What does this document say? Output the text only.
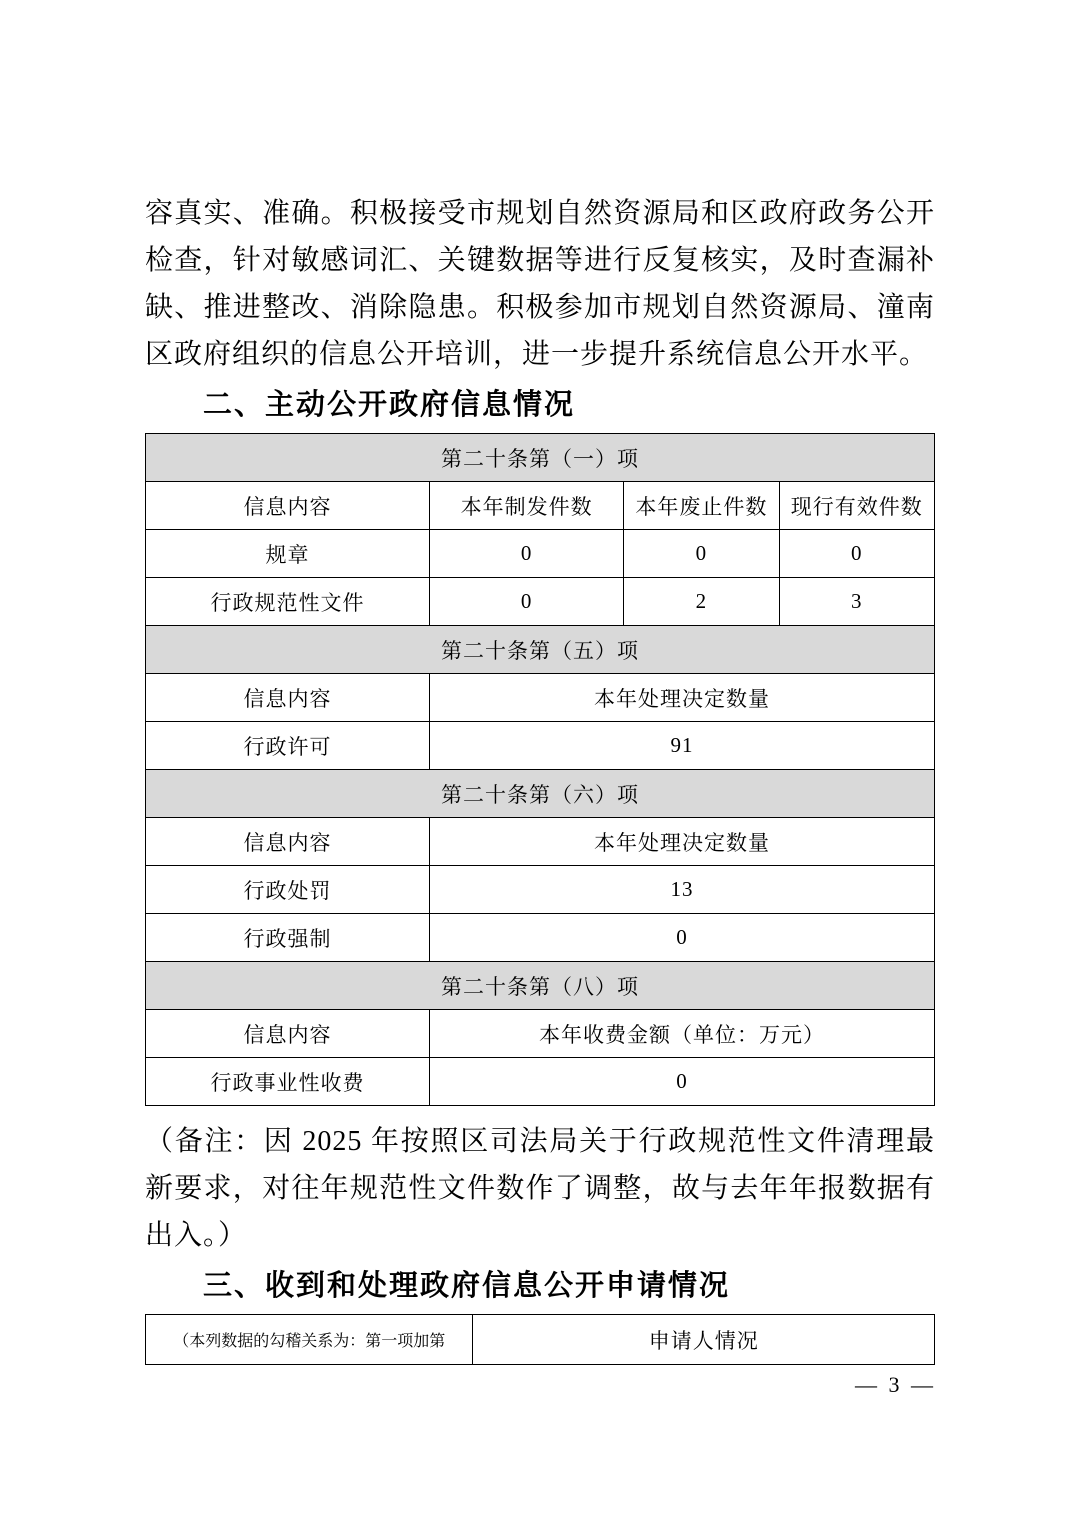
容真实、准确。积极接受市规划自然资源局和区政府政务公开检查，针对敏感词汇、关键数据等进行反复核实，及时查漏补缺、推进整改、消除隐患。积极参加市规划自然资源局、潼南区政府组织的信息公开培训，进一步提升系统信息公开水平。

二、主动公开政府信息情况
第二十条第（一）项			
信息内容	本年制发件数	本年废止件数	现行有效件数
规章	0	0	0
行政规范性文件	0	2	3
第二十条第（五）项			
信息内容	本年处理决定数量		
行政许可	91		
第二十条第（六）项			
信息内容	本年处理决定数量		
行政处罚	13		
行政强制	0		
第二十条第（八）项			
信息内容	本年收费金额（单位：万元）		
行政事业性收费	0		

（备注：因 2025 年按照区司法局关于行政规范性文件清理最新要求，对往年规范性文件数作了调整，故与去年年报数据有出入。）

三、收到和处理政府信息公开申请情况
（本列数据的勾稽关系为：第一项加第	申请人情况
— 3 —
